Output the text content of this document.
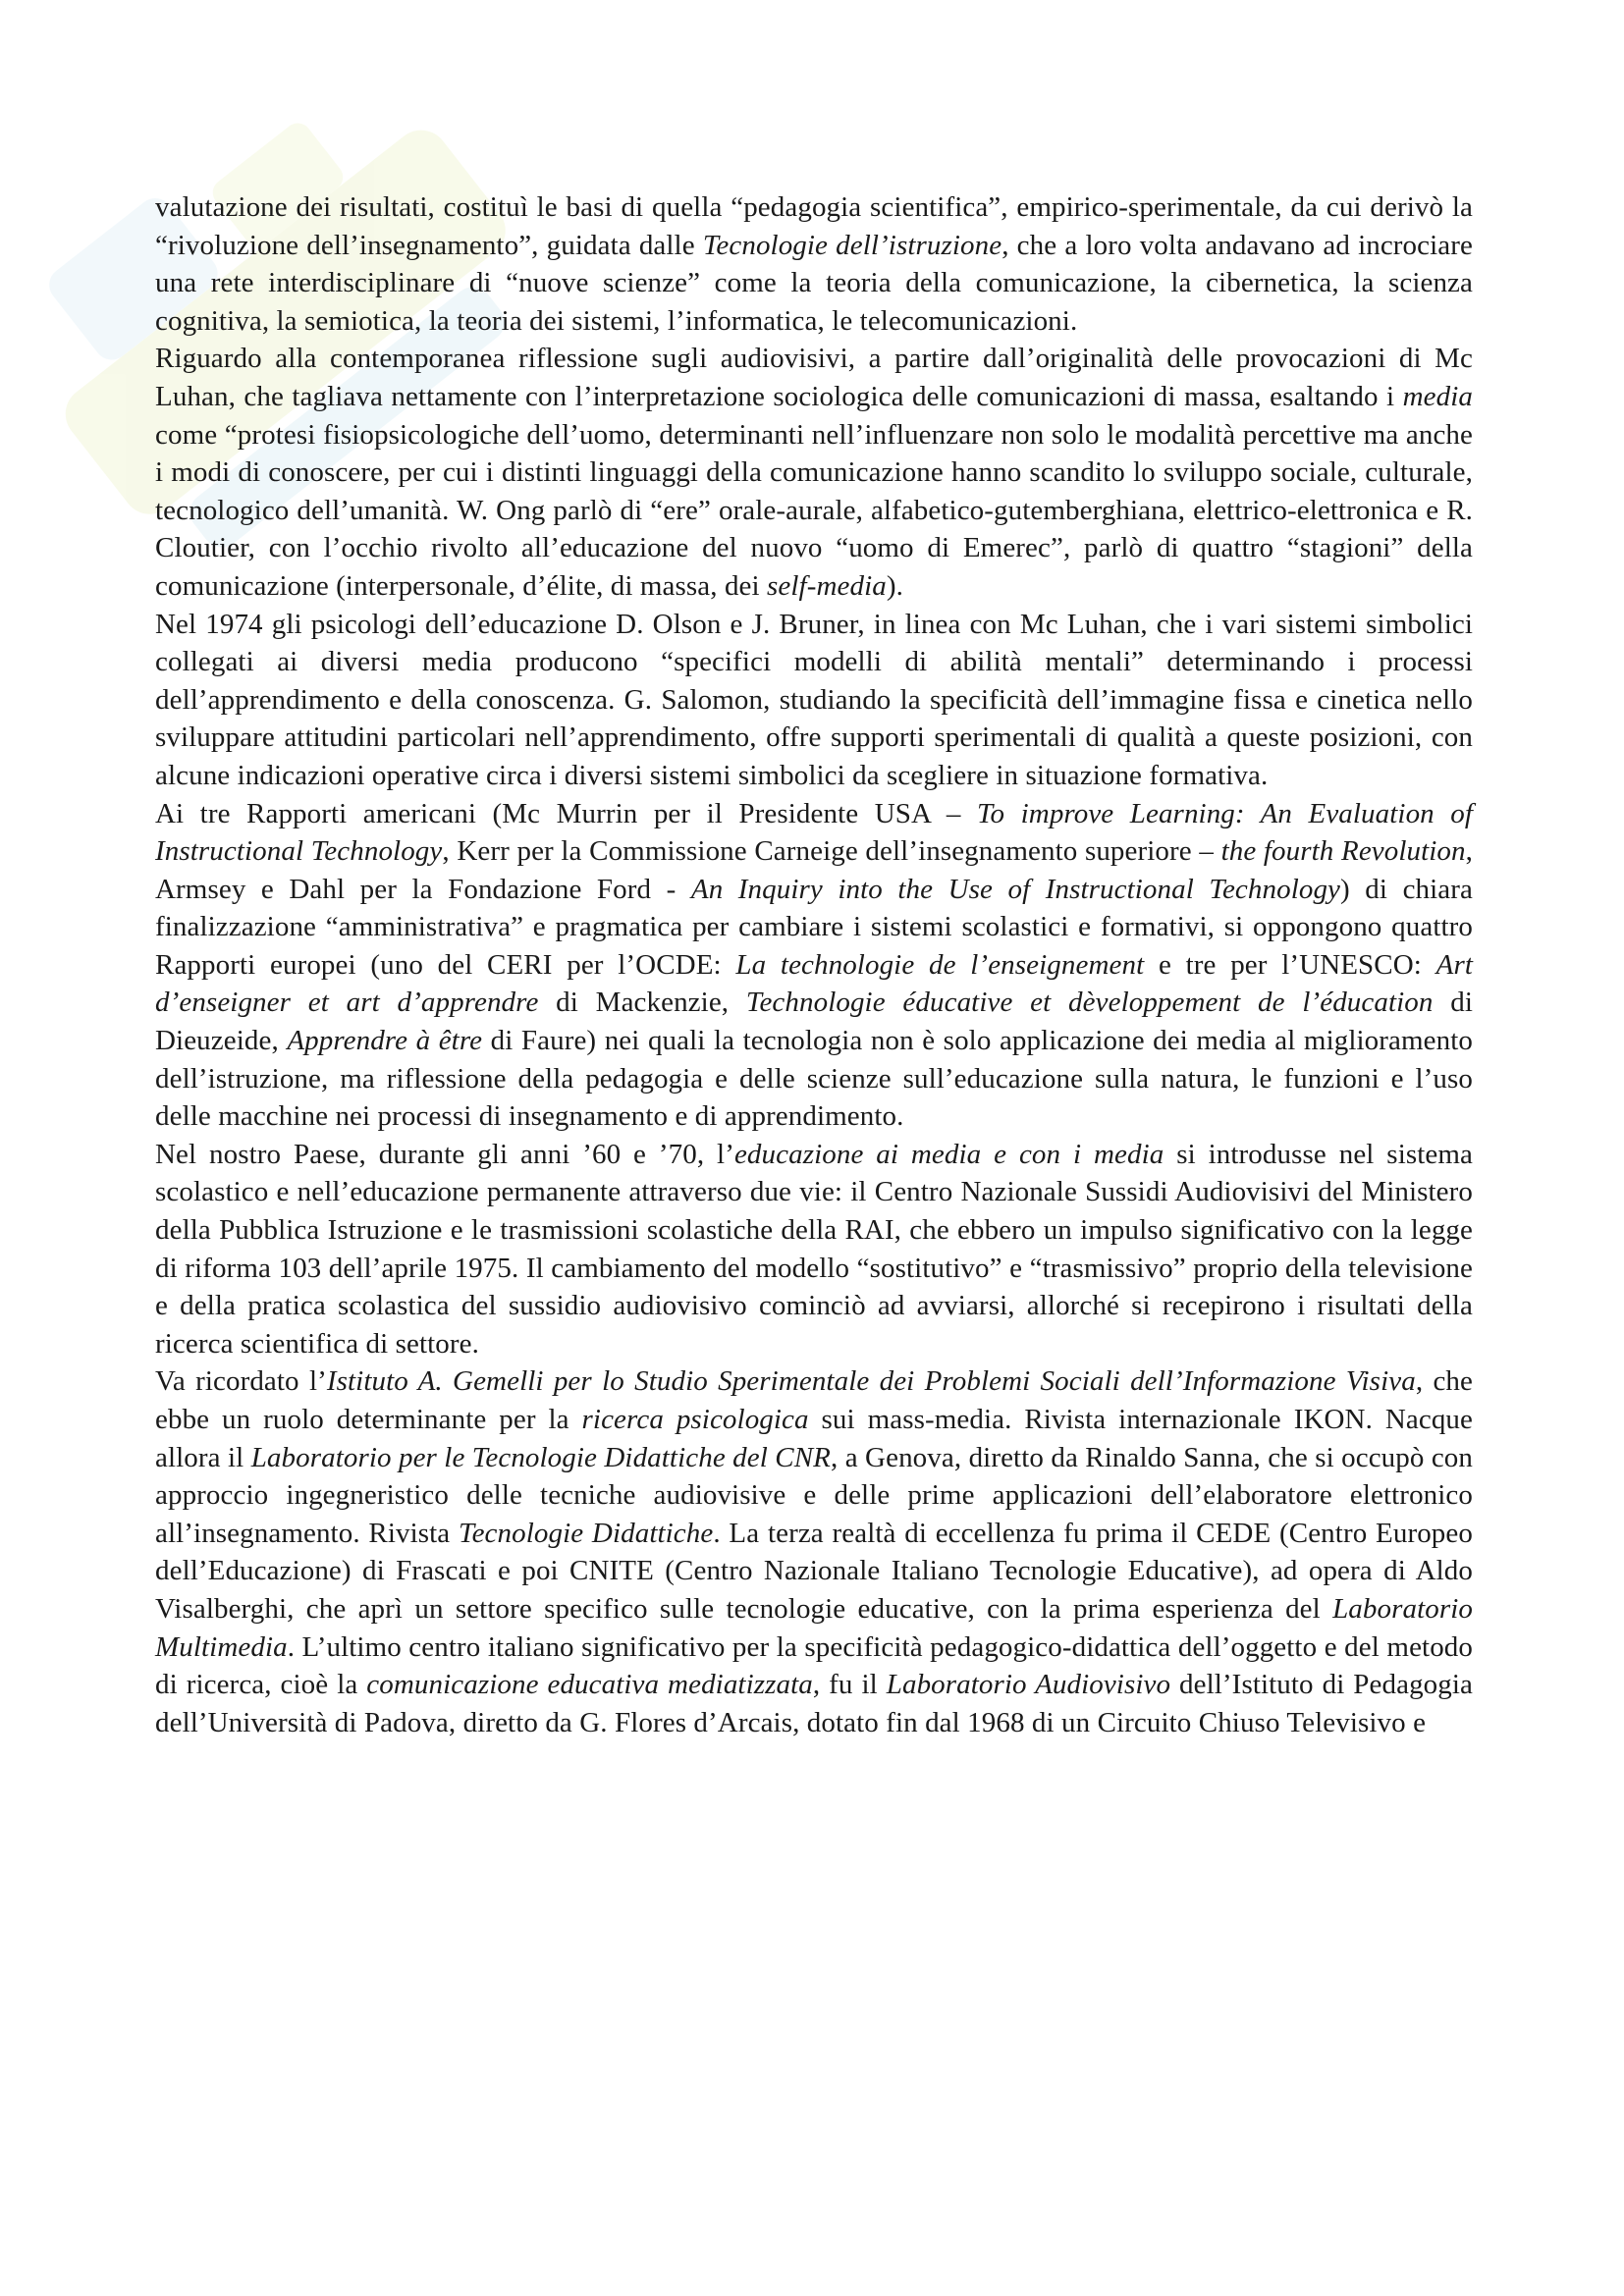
valutazione dei risultati, costituì le basi di quella “pedagogia scientifica”, empirico-sperimentale, da cui derivò la “rivoluzione dell’insegnamento”, guidata dalle Tecnologie dell’istruzione, che a loro volta andavano ad incrociare una rete interdisciplinare di “nuove scienze” come la teoria della comunicazione, la cibernetica, la scienza cognitiva, la semiotica, la teoria dei sistemi, l’informatica, le telecomunicazioni.

Riguardo alla contemporanea riflessione sugli audiovisivi, a partire dall’originalità delle provocazioni di Mc Luhan, che tagliava nettamente con l’interpretazione sociologica delle comunicazioni di massa, esaltando i media come “protesi fisiopsicologiche dell’uomo, determinanti nell’influenzare non solo le modalità percettive ma anche i modi di conoscere, per cui i distinti linguaggi della comunicazione hanno scandito lo sviluppo sociale, culturale, tecnologico dell’umanità. W. Ong parlò di “ere” orale-aurale, alfabetico-gutemberghiana, elettrico-elettronica e R. Cloutier, con l’occhio rivolto all’educazione del nuovo “uomo di Emerec”, parlò di quattro “stagioni” della comunicazione (interpersonale, d’élite, di massa, dei self-media).

Nel 1974 gli psicologi dell’educazione D. Olson e J. Bruner, in linea con Mc Luhan, che i vari sistemi simbolici collegati ai diversi media producono “specifici modelli di abilità mentali” determinando i processi dell’apprendimento e della conoscenza. G. Salomon, studiando la specificità dell’immagine fissa e cinetica nello sviluppare attitudini particolari nell’apprendimento, offre supporti sperimentali di qualità a queste posizioni, con alcune indicazioni operative circa i diversi sistemi simbolici da scegliere in situazione formativa.

Ai tre Rapporti americani (Mc Murrin per il Presidente USA – To improve Learning: An Evaluation of Instructional Technology, Kerr per la Commissione Carneige dell’insegnamento superiore – the fourth Revolution, Armsey e Dahl per la Fondazione Ford - An Inquiry into the Use of Instructional Technology) di chiara finalizzazione “amministrativa” e pragmatica per cambiare i sistemi scolastici e formativi, si oppongono quattro Rapporti europei (uno del CERI per l’OCDE: La technologie de l’enseignement e tre per l’UNESCO: Art d’enseigner et art d’apprendre di Mackenzie, Technologie éducative et dèveloppement de l’éducation di Dieuzeide, Apprendre à être di Faure) nei quali la tecnologia non è solo applicazione dei media al miglioramento dell’istruzione, ma riflessione della pedagogia e delle scienze sull’educazione sulla natura, le funzioni e l’uso delle macchine nei processi di insegnamento e di apprendimento.

Nel nostro Paese, durante gli anni ’60 e ’70, l’educazione ai media e con i media si introdusse nel sistema scolastico e nell’educazione permanente attraverso due vie: il Centro Nazionale Sussidi Audiovisivi del Ministero della Pubblica Istruzione e le trasmissioni scolastiche della RAI, che ebbero un impulso significativo con la legge di riforma 103 dell’aprile 1975. Il cambiamento del modello “sostitutivo” e “trasmissivo” proprio della televisione e della pratica scolastica del sussidio audiovisivo cominciò ad avviarsi, allorché si recepirono i risultati della ricerca scientifica di settore.

Va ricordato l’Istituto A. Gemelli per lo Studio Sperimentale dei Problemi Sociali dell’Informazione Visiva, che ebbe un ruolo determinante per la ricerca psicologica sui mass-media. Rivista internazionale IKON. Nacque allora il Laboratorio per le Tecnologie Didattiche del CNR, a Genova, diretto da Rinaldo Sanna, che si occupò con approccio ingegneristico delle tecniche audiovisive e delle prime applicazioni dell’elaboratore elettronico all’insegnamento. Rivista Tecnologie Didattiche. La terza realtà di eccellenza fu prima il CEDE (Centro Europeo dell’Educazione) di Frascati e poi CNITE (Centro Nazionale Italiano Tecnologie Educative), ad opera di Aldo Visalberghi, che aprì un settore specifico sulle tecnologie educative, con la prima esperienza del Laboratorio Multimedia. L’ultimo centro italiano significativo per la specificità pedagogico-didattica dell’oggetto e del metodo di ricerca, cioè la comunicazione educativa mediatizzata, fu il Laboratorio Audiovisivo dell’Istituto di Pedagogia dell’Università di Padova, diretto da G. Flores d’Arcais, dotato fin dal 1968 di un Circuito Chiuso Televisivo e
